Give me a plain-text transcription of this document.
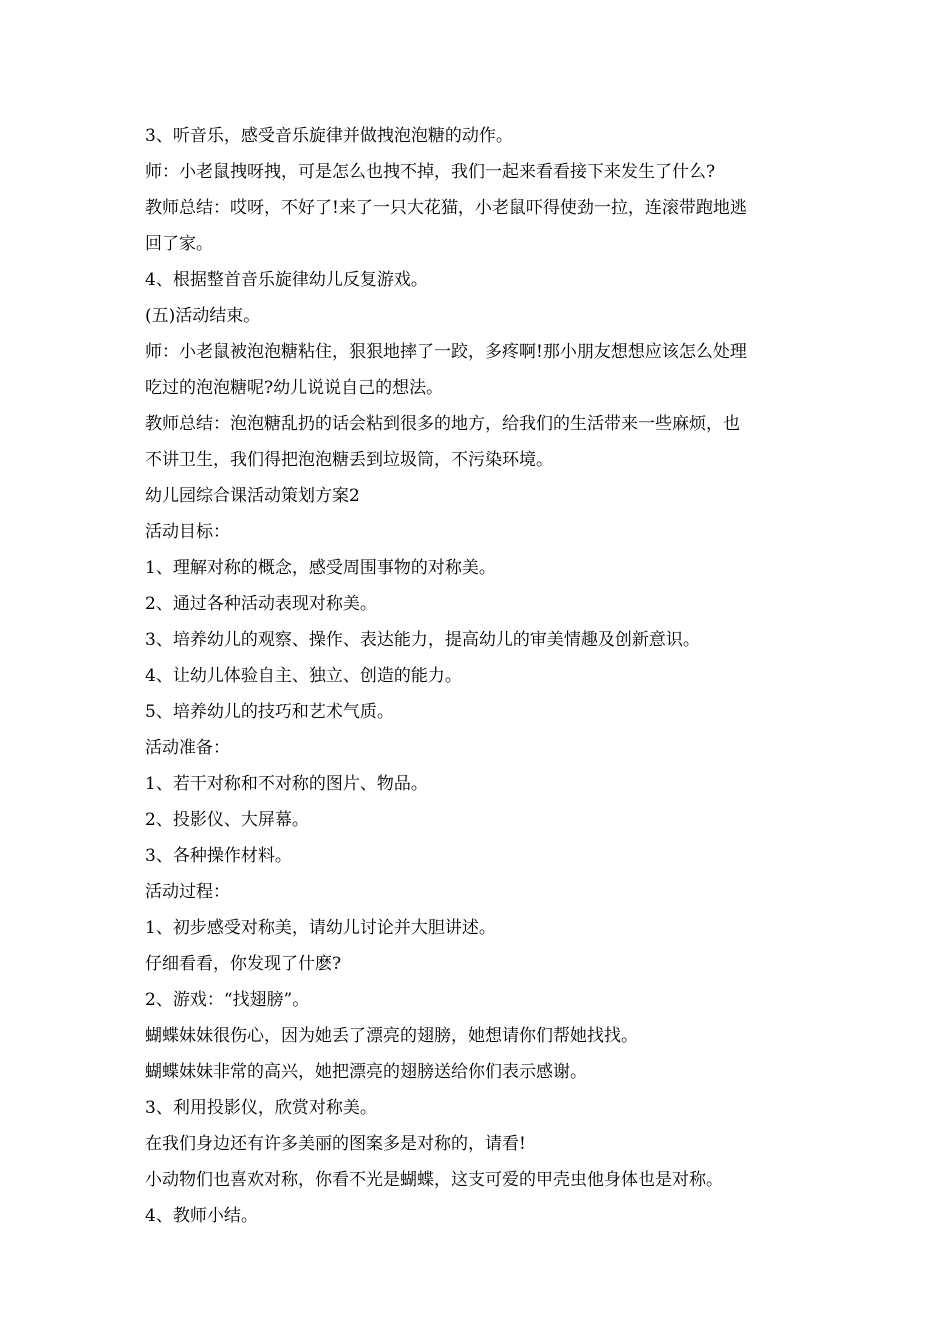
3、听音乐，感受音乐旋律并做拽泡泡糖的动作。
师：小老鼠拽呀拽，可是怎么也拽不掉，我们一起来看看接下来发生了什么?
教师总结：哎呀，不好了!来了一只大花猫，小老鼠吓得使劲一拉，连滚带跑地逃
回了家。
4、根据整首音乐旋律幼儿反复游戏。
(五)活动结束。
师：小老鼠被泡泡糖粘住，狠狠地摔了一跤，多疼啊!那小朋友想想应该怎么处理
吃过的泡泡糖呢?幼儿说说自己的想法。
教师总结：泡泡糖乱扔的话会粘到很多的地方，给我们的生活带来一些麻烦，也
不讲卫生，我们得把泡泡糖丢到垃圾筒，不污染环境。
幼儿园综合课活动策划方案2
活动目标：
1、理解对称的概念，感受周围事物的对称美。
2、通过各种活动表现对称美。
3、培养幼儿的观察、操作、表达能力，提高幼儿的审美情趣及创新意识。
4、让幼儿体验自主、独立、创造的能力。
5、培养幼儿的技巧和艺术气质。
活动准备：
1、若干对称和不对称的图片、物品。
2、投影仪、大屏幕。
3、各种操作材料。
活动过程：
1、初步感受对称美，请幼儿讨论并大胆讲述。
仔细看看，你发现了什麽?
2、游戏：“找翅膀”。
蝴蝶妹妹很伤心，因为她丢了漂亮的翅膀，她想请你们帮她找找。
蝴蝶妹妹非常的高兴，她把漂亮的翅膀送给你们表示感谢。
3、利用投影仪，欣赏对称美。
在我们身边还有许多美丽的图案多是对称的，请看!
小动物们也喜欢对称，你看不光是蝴蝶，这支可爱的甲壳虫他身体也是对称。
4、教师小结。
